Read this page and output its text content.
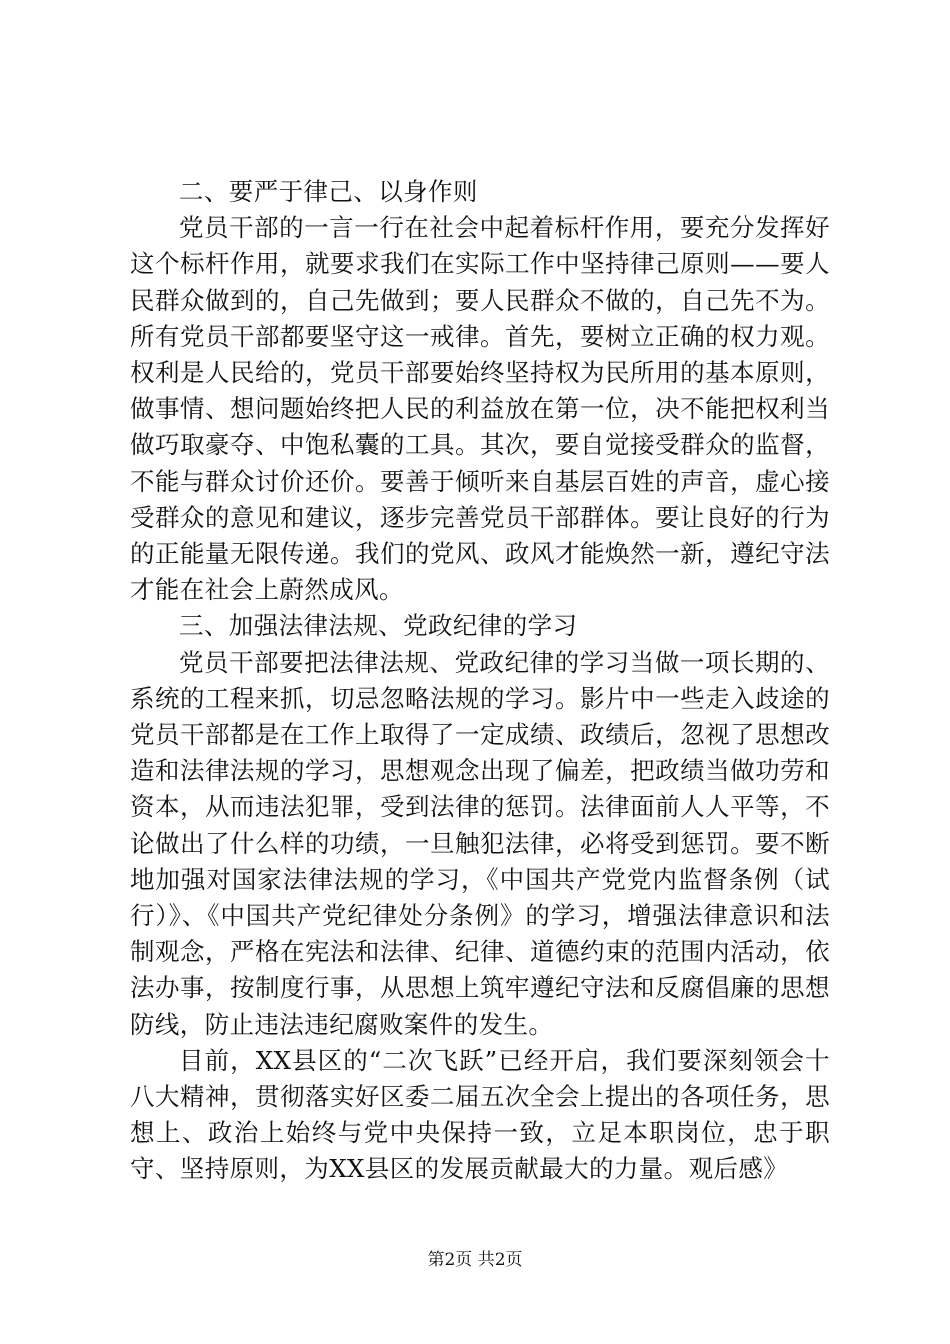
二、要严于律己、以身作则

党员干部的一言一行在社会中起着标杆作用，要充分发挥好这个标杆作用，就要求我们在实际工作中坚持律己原则——要人民群众做到的，自己先做到；要人民群众不做的，自己先不为。所有党员干部都要坚守这一戒律。首先，要树立正确的权力观。权利是人民给的，党员干部要始终坚持权为民所用的基本原则，做事情、想问题始终把人民的利益放在第一位，决不能把权利当做巧取豪夺、中饱私囊的工具。其次，要自觉接受群众的监督，不能与群众讨价还价。要善于倾听来自基层百姓的声音，虚心接受群众的意见和建议，逐步完善党员干部群体。要让良好的行为的正能量无限传递。我们的党风、政风才能焕然一新，遵纪守法才能在社会上蔚然成风。

三、加强法律法规、党政纪律的学习

党员干部要把法律法规、党政纪律的学习当做一项长期的、系统的工程来抓，切忌忽略法规的学习。影片中一些走入歧途的党员干部都是在工作上取得了一定成绩、政绩后，忽视了思想改造和法律法规的学习，思想观念出现了偏差，把政绩当做功劳和资本，从而违法犯罪，受到法律的惩罚。法律面前人人平等，不论做出了什么样的功绩，一旦触犯法律，必将受到惩罚。要不断地加强对国家法律法规的学习，《中国共产党党内监督条例（试行）》、《中国共产党纪律处分条例》的学习，增强法律意识和法制观念，严格在宪法和法律、纪律、道德约束的范围内活动，依法办事，按制度行事，从思想上筑牢遵纪守法和反腐倡廉的思想防线，防止违法违纪腐败案件的发生。

目前，XX县区的“二次飞跃”已经开启，我们要深刻领会十八大精神，贯彻落实好区委二届五次全会上提出的各项任务，思想上、政治上始终与党中央保持一致，立足本职岗位，忠于职守、坚持原则，为XX县区的发展贡献最大的力量。观后感》

第2页 共2页
